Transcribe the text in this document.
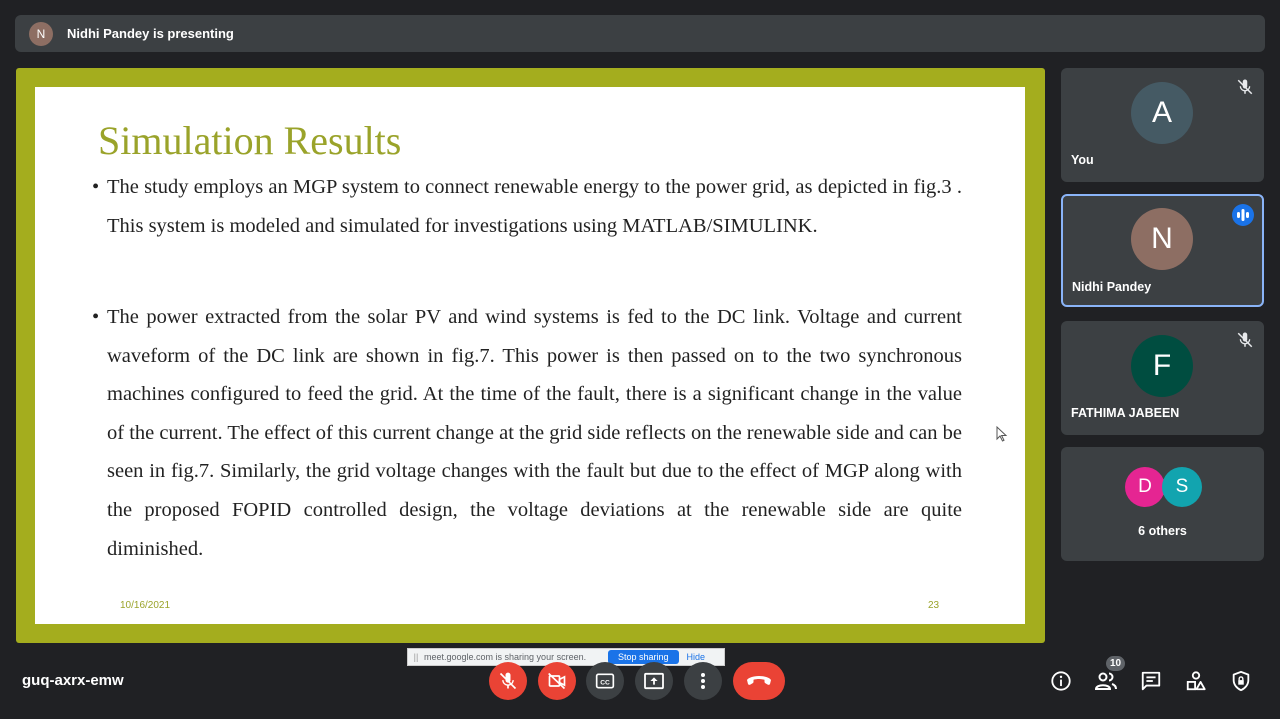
N	Nidhi Pandey is presenting
Simulation Results
• The study employs an MGP system to connect renewable energy to the power grid, as depicted in fig.3 . This system is modeled and simulated for investigations using MATLAB/SIMULINK.
• The power extracted from the solar PV and wind systems is fed to the DC link. Voltage and current waveform of the DC link are shown in fig.7. This power is then passed on to the two synchronous machines configured to feed the grid. At the time of the fault, there is a significant change in the value of the current. The effect of this current change at the grid side reflects on the renewable side and can be seen in fig.7. Similarly, the grid voltage changes with the fault but due to the effect of MGP along with the proposed FOPID controlled design, the voltage deviations at the renewable side are quite diminished.
10/16/2021	23
|| meet.google.com is sharing your screen.	Stop sharing	Hide
A
You
N
Nidhi Pandey
F
FATHIMA JABEEN
D	S
6 others
guq-axrx-emw	CC
10
